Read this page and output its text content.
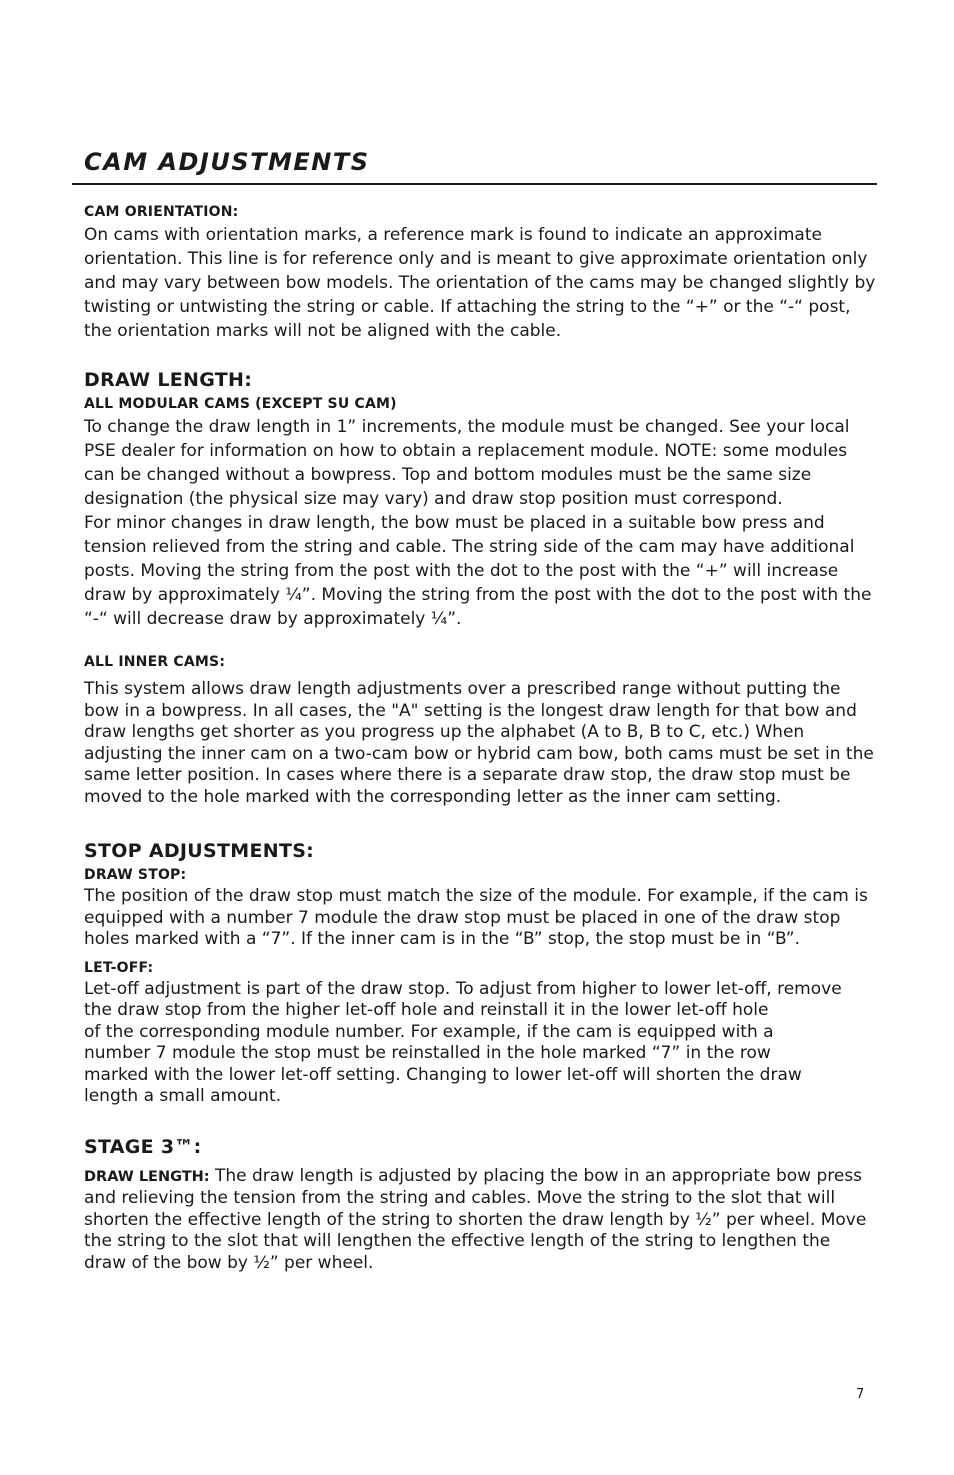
CAM ADJUSTMENTS
CAM ORIENTATION:

On cams with orientation marks, a reference mark is found to indicate an approximate orientation. This line is for reference only and is meant to give approximate orientation only and may vary between bow models. The orientation of the cams may be changed slightly by twisting or untwisting the string or cable. If attaching the string to the “+” or the “-“ post, the orientation marks will not be aligned with the cable.

DRAW LENGTH:
ALL MODULAR CAMS (EXCEPT SU CAM)

To change the draw length in 1” increments, the module must be changed. See your local PSE dealer for information on how to obtain a replacement module. NOTE: some modules can be changed without a bowpress. Top and bottom modules must be the same size designation (the physical size may vary) and draw stop position must correspond.

For minor changes in draw length, the bow must be placed in a suitable bow press and tension relieved from the string and cable. The string side of the cam may have additional posts. Moving the string from the post with the dot to the post with the “+” will increase draw by approximately ¼”. Moving the string from the post with the dot to the post with the “-“ will decrease draw by approximately ¼”.

ALL INNER CAMS:

This system allows draw length adjustments over a prescribed range without putting the bow in a bowpress. In all cases, the "A" setting is the longest draw length for that bow and draw lengths get shorter as you progress up the alphabet (A to B, B to C, etc.) When adjusting the inner cam on a two-cam bow or hybrid cam bow, both cams must be set in the same letter position. In cases where there is a separate draw stop, the draw stop must be moved to the hole marked with the corresponding letter as the inner cam setting.

STOP ADJUSTMENTS:
DRAW STOP:

The position of the draw stop must match the size of the module. For example, if the cam is equipped with a number 7 module the draw stop must be placed in one of the draw stop holes marked with a “7”. If the inner cam is in the “B” stop, the stop must be in “B”.

LET-OFF:

Let-off adjustment is part of the draw stop. To adjust from higher to lower let-off, remove
the draw stop from the higher let-off hole and reinstall it in the lower let-off hole
of the corresponding module number. For example, if the cam is equipped with a
number 7 module the stop must be reinstalled in the hole marked “7” in the row
marked with the lower let-off setting. Changing to lower let-off will shorten the draw
length a small amount.

STAGE 3™:

DRAW LENGTH: The draw length is adjusted by placing the bow in an appropriate bow press and relieving the tension from the string and cables. Move the string to the slot that will shorten the effective length of the string to shorten the draw length by ½” per wheel. Move the string to the slot that will lengthen the effective length of the string to lengthen the draw of the bow by ½” per wheel.

7
